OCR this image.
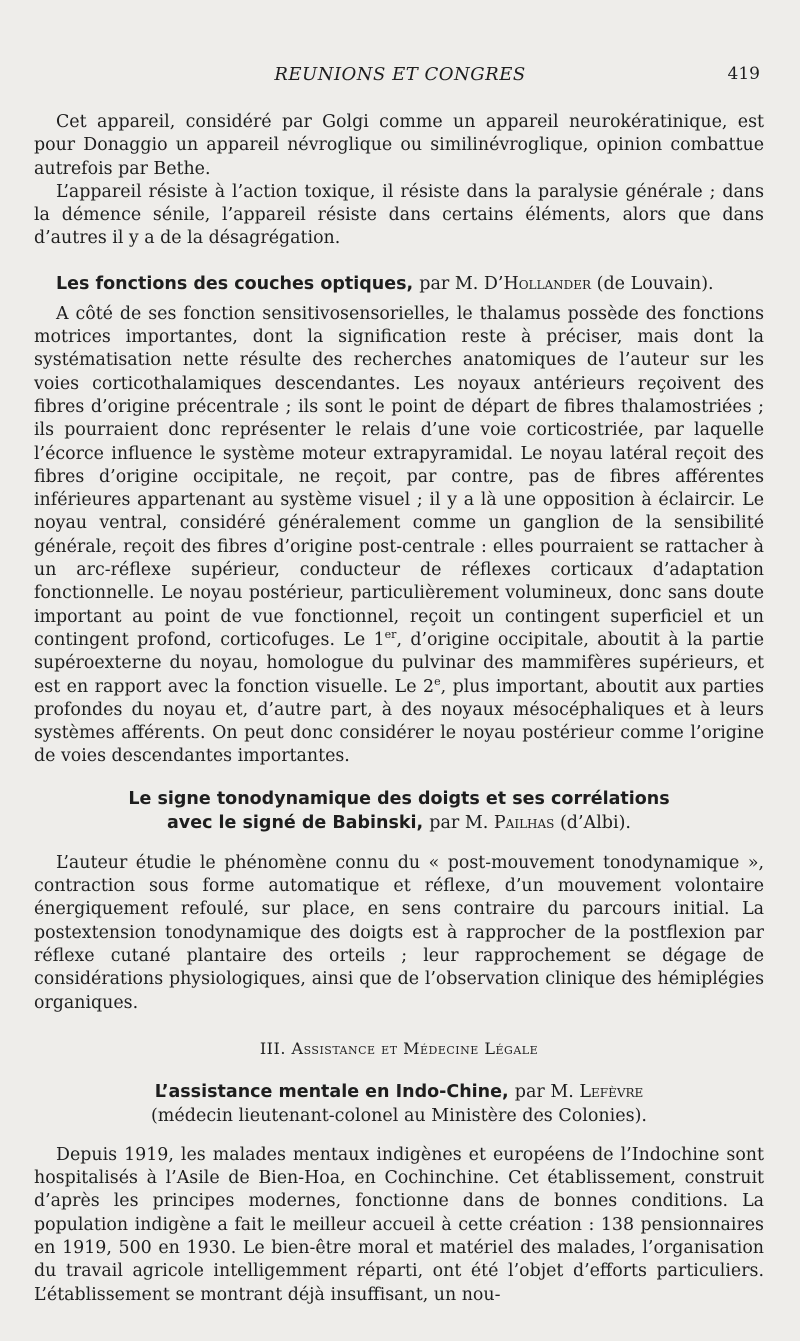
REUNIONS ET CONGRES	419

Cet appareil, considéré par Golgi comme un appareil neurokératinique, est pour Donaggio un appareil névroglique ou similinévroglique, opinion combattue autrefois par Bethe.

L’appareil résiste à l’action toxique, il résiste dans la paralysie générale ; dans la démence sénile, l’appareil résiste dans certains éléments, alors que dans d’autres il y a de la désagrégation.

Les fonctions des couches optiques, par M. D’Hollander (de Louvain).

A côté de ses fonction sensitivosensorielles, le thalamus possède des fonctions motrices importantes, dont la signification reste à préciser, mais dont la systématisation nette résulte des recherches anatomiques de l’auteur sur les voies corticothalamiques descendantes. Les noyaux antérieurs reçoivent des fibres d’origine précentrale ; ils sont le point de départ de fibres thalamostriées ; ils pourraient donc représenter le relais d’une voie corticostriée, par laquelle l’écorce influence le système moteur extrapyramidal. Le noyau latéral reçoit des fibres d’origine occipitale, ne reçoit, par contre, pas de fibres afférentes inférieures appartenant au système visuel ; il y a là une opposition à éclaircir. Le noyau ventral, considéré généralement comme un ganglion de la sensibilité générale, reçoit des fibres d’origine post-centrale : elles pourraient se rattacher à un arc-réflexe supérieur, conducteur de réflexes corticaux d’adaptation fonctionnelle. Le noyau postérieur, particulièrement volumineux, donc sans doute important au point de vue fonctionnel, reçoit un contingent superficiel et un contingent profond, corticofuges. Le 1er, d’origine occipitale, aboutit à la partie supéroexterne du noyau, homologue du pulvinar des mammifères supérieurs, et est en rapport avec la fonction visuelle. Le 2e, plus important, aboutit aux parties profondes du noyau et, d’autre part, à des noyaux mésocéphaliques et à leurs systèmes afférents. On peut donc considérer le noyau postérieur comme l’origine de voies descendantes importantes.

Le signe tonodynamique des doigts et ses corrélations
avec le signé de Babinski, par M. Pailhas (d’Albi).

L’auteur étudie le phénomène connu du « post-mouvement tonodynamique », contraction sous forme automatique et réflexe, d’un mouvement volontaire énergiquement refoulé, sur place, en sens contraire du parcours initial. La postextension tonodynamique des doigts est à rapprocher de la postflexion par réflexe cutané plantaire des orteils ; leur rapprochement se dégage de considérations physiologiques, ainsi que de l’observation clinique des hémiplégies organiques.

III. Assistance et Médecine Légale
L’assistance mentale en Indo-Chine, par M. Lefèvre
(médecin lieutenant-colonel au Ministère des Colonies).

Depuis 1919, les malades mentaux indigènes et européens de l’Indochine sont hospitalisés à l’Asile de Bien-Hoa, en Cochinchine. Cet établissement, construit d’après les principes modernes, fonctionne dans de bonnes conditions. La population indigène a fait le meilleur accueil à cette création : 138 pensionnaires en 1919, 500 en 1930. Le bien-être moral et matériel des malades, l’organisation du travail agricole intelligemment réparti, ont été l’objet d’efforts particuliers. L’établissement se montrant déjà insuffisant, un nou-
